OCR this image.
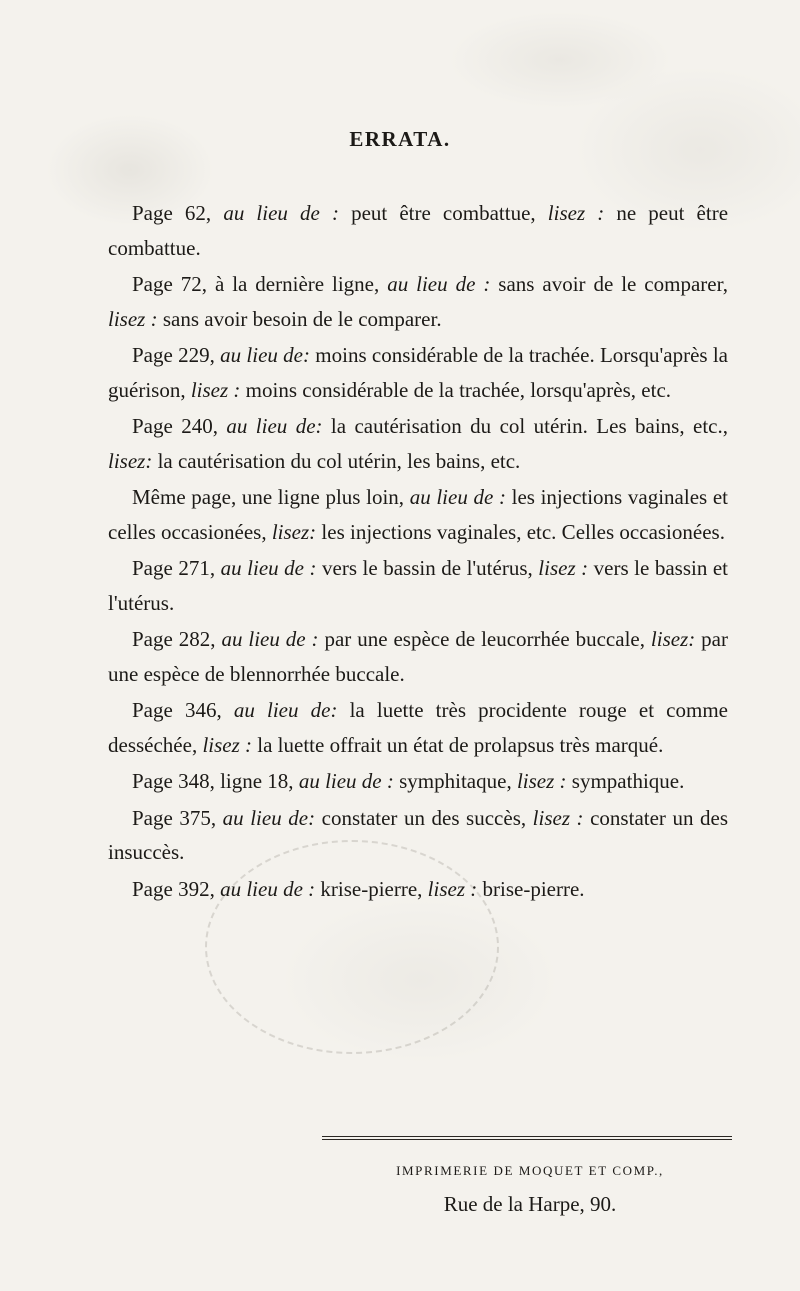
ERRATA.
Page 62, au lieu de : peut être combattue, lisez : ne peut être combattue.
Page 72, à la dernière ligne, au lieu de : sans avoir de le comparer, lisez : sans avoir besoin de le comparer.
Page 229, au lieu de: moins considérable de la trachée. Lorsqu'après la guérison, lisez : moins considérable de la trachée, lorsqu'après, etc.
Page 240, au lieu de: la cautérisation du col utérin. Les bains, etc., lisez: la cautérisation du col utérin, les bains, etc.
Même page, une ligne plus loin, au lieu de : les injections vaginales et celles occasionées, lisez: les injections vaginales, etc. Celles occasionées.
Page 271, au lieu de : vers le bassin de l'utérus, lisez : vers le bassin et l'utérus.
Page 282, au lieu de : par une espèce de leucorrhée buccale, lisez: par une espèce de blennorrhée buccale.
Page 346, au lieu de: la luette très procidente rouge et comme desséchée, lisez : la luette offrait un état de prolapsus très marqué.
Page 348, ligne 18, au lieu de : symphitaque, lisez : sympathique.
Page 375, au lieu de: constater un des succès, lisez : constater un des insuccès.
Page 392, au lieu de : krise-pierre, lisez : brise-pierre.
IMPRIMERIE DE MOQUET ET COMP.,
Rue de la Harpe, 90.
